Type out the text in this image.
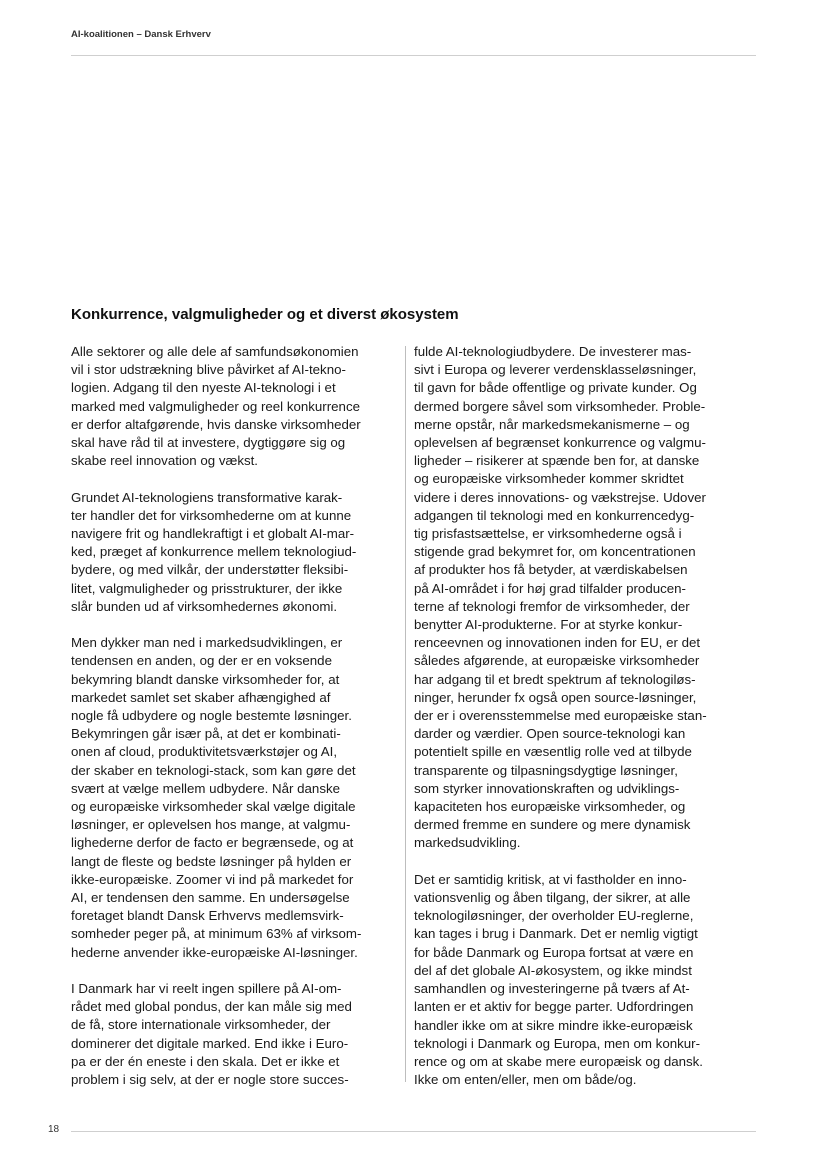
AI-koalitionen – Dansk Erhverv
Konkurrence, valgmuligheder og et diverst økosystem

Alle sektorer og alle dele af samfundsøkonomien
vil i stor udstrækning blive påvirket af AI-tekno-
logien. Adgang til den nyeste AI-teknologi i et
marked med valgmuligheder og reel konkurrence
er derfor altafgørende, hvis danske virksomheder
skal have råd til at investere, dygtiggøre sig og
skabe reel innovation og vækst.

Grundet AI-teknologiens transformative karak-
ter handler det for virksomhederne om at kunne
navigere frit og handlekraftigt i et globalt AI-mar-
ked, præget af konkurrence mellem teknologiud-
bydere, og med vilkår, der understøtter fleksibi-
litet, valgmuligheder og prisstrukturer, der ikke
slår bunden ud af virksomhedernes økonomi.

Men dykker man ned i markedsudviklingen, er
tendensen en anden, og der er en voksende
bekymring blandt danske virksomheder for, at
markedet samlet set skaber afhængighed af
nogle få udbydere og nogle bestemte løsninger.
Bekymringen går især på, at det er kombinati-
onen af cloud, produktivitetsværkstøjer og AI,
der skaber en teknologi-stack, som kan gøre det
svært at vælge mellem udbydere. Når danske
og europæiske virksomheder skal vælge digitale
løsninger, er oplevelsen hos mange, at valgmu-
lighederne derfor de facto er begrænsede, og at
langt de fleste og bedste løsninger på hylden er
ikke-europæiske. Zoomer vi ind på markedet for
AI, er tendensen den samme. En undersøgelse
foretaget blandt Dansk Erhvervs medlemsvirk-
somheder peger på, at minimum 63% af virksom-
hederne anvender ikke-europæiske AI-løsninger.

I Danmark har vi reelt ingen spillere på AI-om-
rådet med global pondus, der kan måle sig med
de få, store internationale virksomheder, der
dominerer det digitale marked. End ikke i Euro-
pa er der én eneste i den skala. Det er ikke et
problem i sig selv, at der er nogle store succes-

fulde AI-teknologiudbydere. De investerer mas-
sivt i Europa og leverer verdensklasseløsninger,
til gavn for både offentlige og private kunder. Og
dermed borgere såvel som virksomheder. Proble-
merne opstår, når markedsmekanismerne – og
oplevelsen af begrænset konkurrence og valgmu-
ligheder – risikerer at spænde ben for, at danske
og europæiske virksomheder kommer skridtet
videre i deres innovations- og vækstrejse. Udover
adgangen til teknologi med en konkurrencedyg-
tig prisfastsættelse, er virksomhederne også i
stigende grad bekymret for, om koncentrationen
af produkter hos få betyder, at værdiskabelsen
på AI-området i for høj grad tilfalder producen-
terne af teknologi fremfor de virksomheder, der
benytter AI-produkterne. For at styrke konkur-
renceevnen og innovationen inden for EU, er det
således afgørende, at europæiske virksomheder
har adgang til et bredt spektrum af teknologiløs-
ninger, herunder fx også open source-løsninger,
der er i overensstemmelse med europæiske stan-
darder og værdier. Open source-teknologi kan
potentielt spille en væsentlig rolle ved at tilbyde
transparente og tilpasningsdygtige løsninger,
som styrker innovationskraften og udviklings-
kapaciteten hos europæiske virksomheder, og
dermed fremme en sundere og mere dynamisk
markedsudvikling.

Det er samtidig kritisk, at vi fastholder en inno-
vationsvenlig og åben tilgang, der sikrer, at alle
teknologiløsninger, der overholder EU-reglerne,
kan tages i brug i Danmark. Det er nemlig vigtigt
for både Danmark og Europa fortsat at være en
del af det globale AI-økosystem, og ikke mindst
samhandlen og investeringerne på tværs af At-
lanten er et aktiv for begge parter. Udfordringen
handler ikke om at sikre mindre ikke-europæisk
teknologi i Danmark og Europa, men om konkur-
rence og om at skabe mere europæisk og dansk.
Ikke om enten/eller, men om både/og.

18
